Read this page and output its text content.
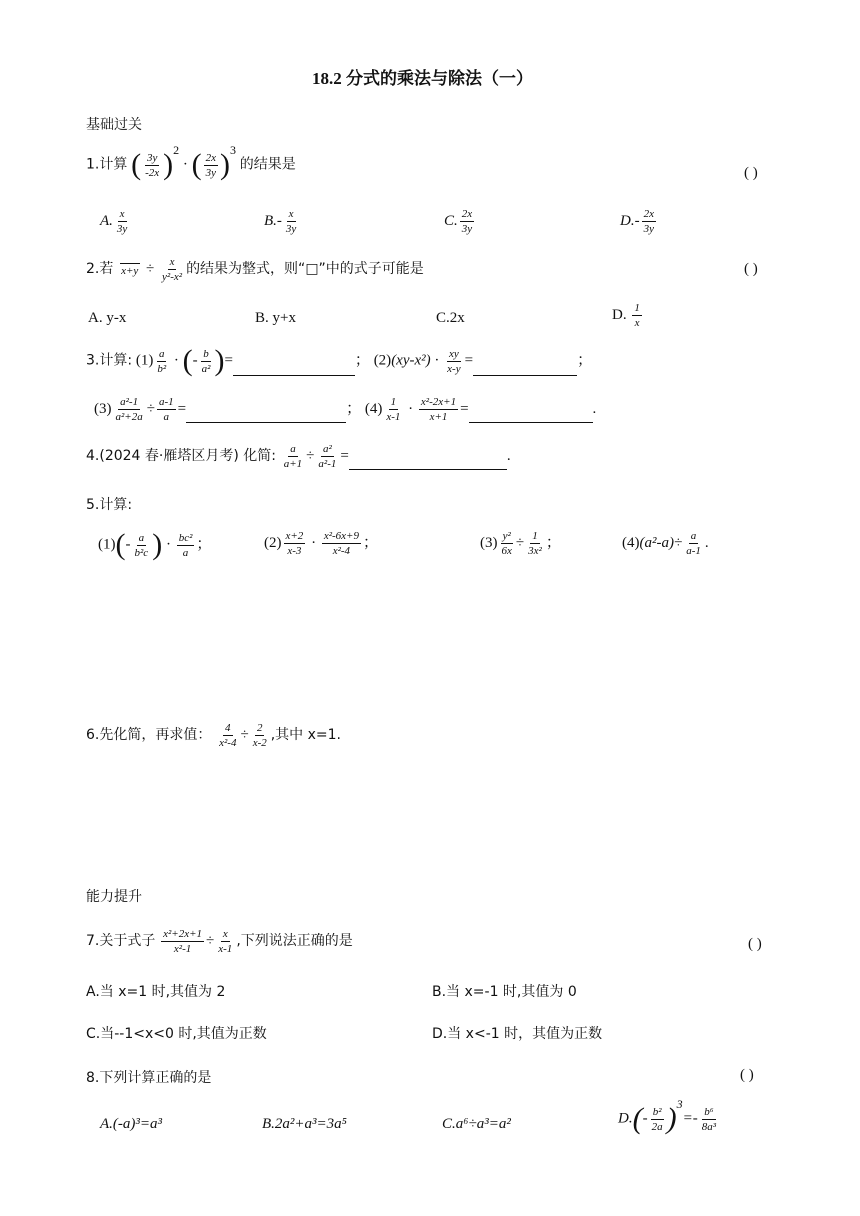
18.2 分式的乘法与除法（一）
基础过关
1.计算 ( $\frac{3y}{-2x} )^2$ · ( $\frac{2x}{3y} )^3$ 的结果是
( )
A. $\frac{x}{3y}$	$B.- \frac{x}{3y}$	C. $\frac{2x}{3y}$	$D.- \frac{2x}{3y}$
2.若 $x+y \div \frac{x}{\text{y²-x²}}$ 的结果为整式，则“□”中的式子可能是	( )
A. y-x	B. y+x	C.2x	D. $\frac{1}{x}$
3.计算: $(1) \frac{a}{\text{b²}}$ · (- $\frac{b}{\text{a²}}$ )=	； $(2)(xy-x^2) \cdot \frac{xy}{x-y}$ =	；
$(3) \frac{\text{a²-1}}{\text{a²+2a}} \div \frac{a-1}{a}$ =	； $(4) \frac{1}{x-1} \cdot \frac{\text{x²-2x+1}}{x+1}$ =	.
4.(2024 春·雁塔区月考) 化简: $\frac{a}{a+1} \div \frac{\text{a²}}{\text{a²-1}}$ =	.
5.计算:
$(1)(- \frac{a}{\text{b²c}}$ ) · $\frac{\text{bc²}}{a}$ ；	$(2) \frac{x+2}{x-3} \cdot \frac{\text{x²-6x+9}}{\text{x²-4}}$ ；	$(3) \frac{\text{y²}}{6x} \div \frac{1}{\text{3x²}}$ ；	$(4)(a^2-a)\div \frac{a}{a-1}$ .
6.先化简，再求值： $\frac{4}{\text{x²-4}} \div \frac{2}{x-2}$ ,其中 x=1.
能力提升
7.关于式子 $\frac{\text{x²+2x+1}}{\text{x²-1}} \div \frac{x}{x-1}$ ,下列说法正确的是	( )
A.当 x=1 时,其值为 2	B.当 x=-1 时,其值为 0
C.当--1<x<0 时,其值为正数	D.当 x<-1 时，其值为正数
8.下列计算正确的是	( )
A.(-a)³=a³	B.2a²+a³=3a⁵	C.a⁶÷a³=a²	$D.(- \frac{\text{b²}}{2a} )^3=- \frac{\text{b⁶}}{\text{8a³}}$
